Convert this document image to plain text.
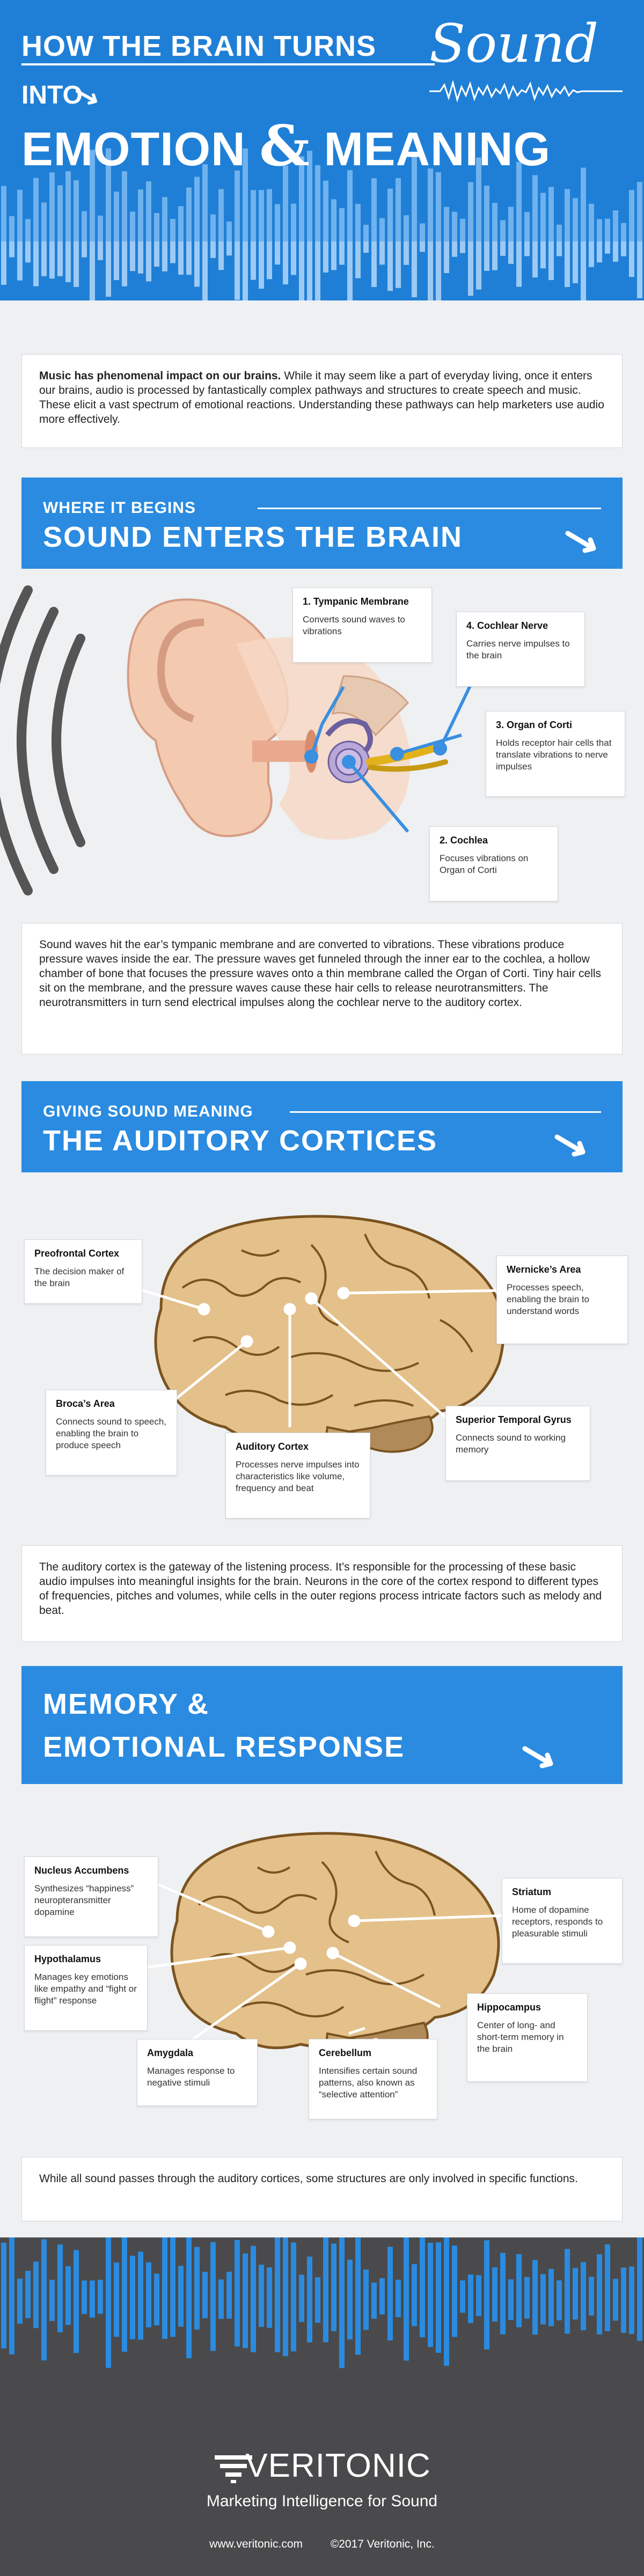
HOW THE BRAIN TURNS Sound
INTO
EMOTION & MEANING
Music has phenomenal impact on our brains. While it may seem like a part of everyday living, once it enters our brains, audio is processed by fantastically complex pathways and structures to create speech and music. These elicit a vast spectrum of emotional reactions. Understanding these pathways can help marketers use audio more effectively.
WHERE IT BEGINS
SOUND ENTERS THE BRAIN
1. Tympanic Membrane
Converts sound waves to vibrations
4. Cochlear Nerve
Carries nerve impulses to the brain
3. Organ of Corti
Holds receptor hair cells that translate vibrations to nerve impulses
2. Cochlea
Focuses vibrations on Organ of Corti
Sound waves hit the ear’s tympanic membrane and are converted to vibrations. These vibrations produce pressure waves inside the ear. The pressure waves get funneled through the inner ear to the cochlea, a hollow chamber of bone that focuses the pressure waves onto a thin membrane called the Organ of Corti. Tiny hair cells sit on the membrane, and the pressure waves cause these hair cells to release neurotransmitters. The neurotransmitters in turn send electrical impulses along the cochlear nerve to the auditory cortex.
GIVING SOUND MEANING
THE AUDITORY CORTICES
Preofrontal Cortex
The decision maker of the brain
Wernicke’s Area
Processes speech, enabling the brain to understand words
Broca’s Area
Connects sound to speech, enabling the brain to produce speech	Auditory Cortex
Processes nerve impulses into characteristics like volume, frequency and beat
Superior Temporal Gyrus
Connects sound to working memory
The auditory cortex is the gateway of the listening process. It’s responsible for the processing of these basic audio impulses into meaningful insights for the brain. Neurons in the core of the cortex respond to different types of frequencies, pitches and volumes, while cells in the outer regions process intricate factors such as melody and beat.
MEMORY &
EMOTIONAL RESPONSE
Nucleus Accumbens
Synthesizes “happiness” neuropteransmitter dopamine
Striatum
Home of dopamine receptors, responds to pleasurable stimuli
Hypothalamus
Manages key emotions like empathy and “fight or flight” response
Hippocampus
Center of long- and short-term memory in the brain
Amygdala
Manages response to negative stimuli
Cerebellum
Intensifies certain sound patterns, also known as “selective attention”
While all sound passes through the auditory cortices, some structures are only involved in specific functions.
VERITONIC
Marketing Intelligence for Sound
www.veritonic.com ©2017 Veritonic, Inc.
